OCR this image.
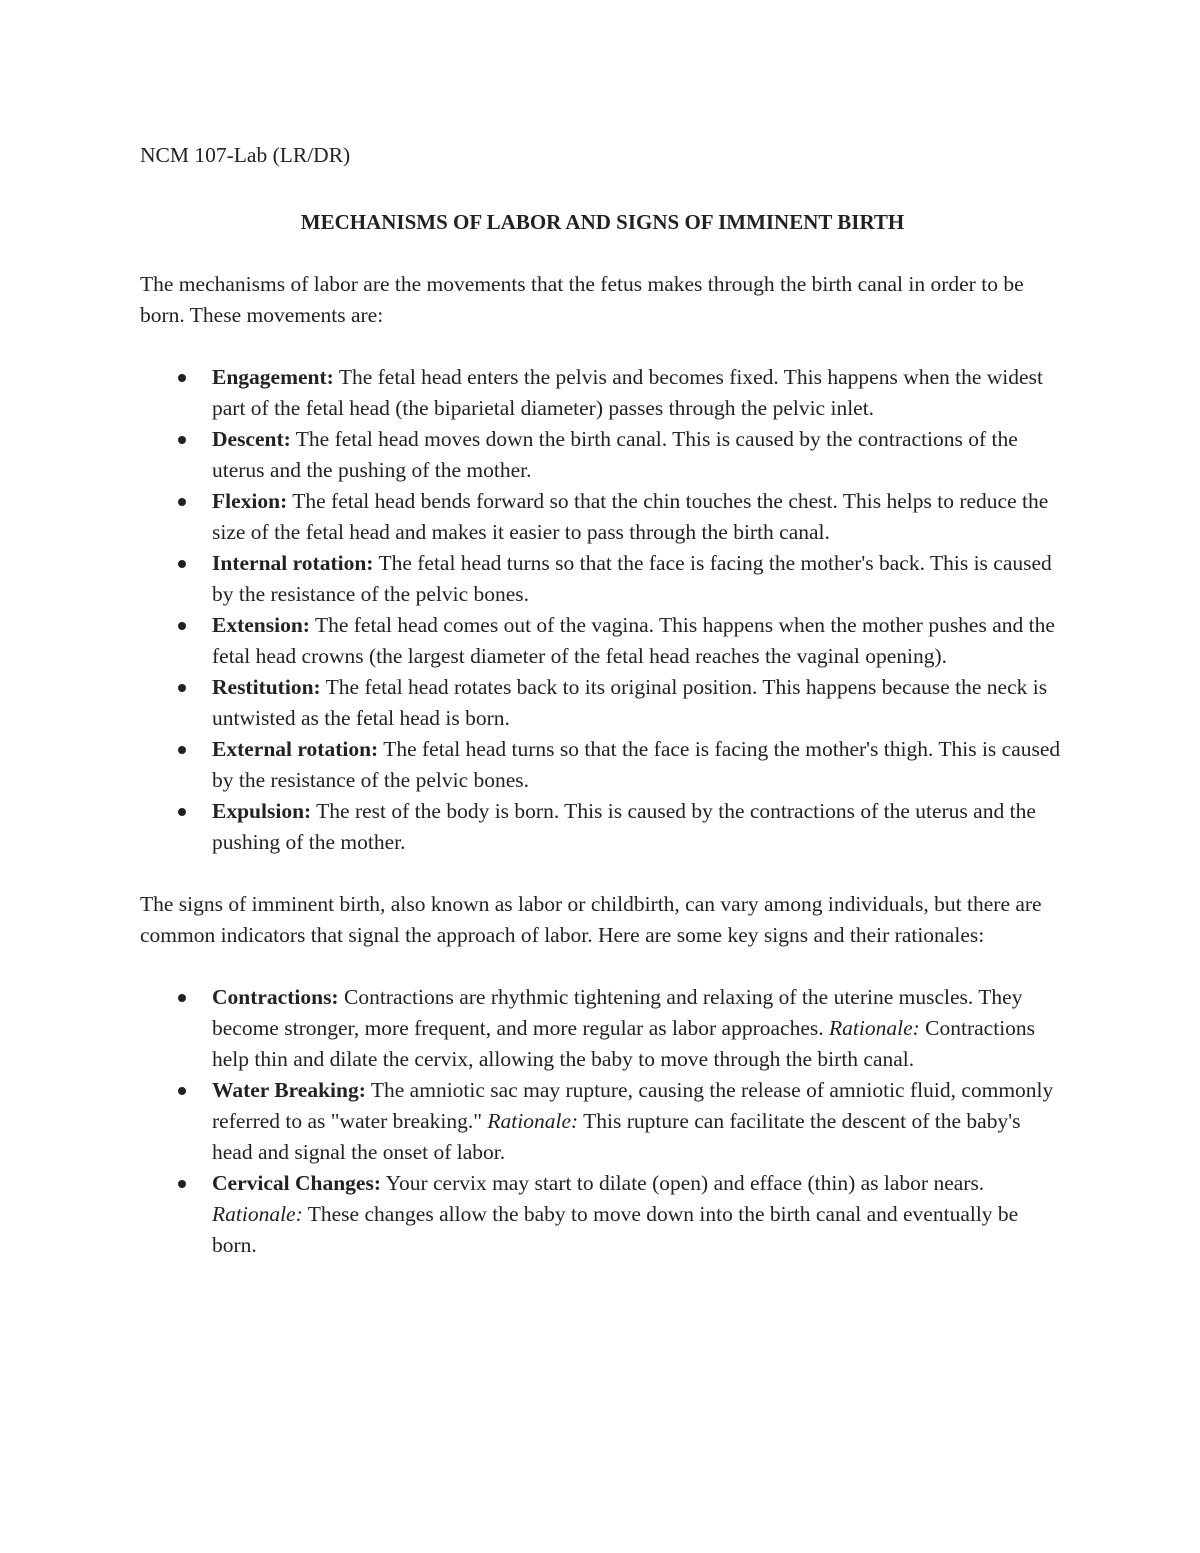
NCM 107-Lab (LR/DR)

MECHANISMS OF LABOR AND SIGNS OF IMMINENT BIRTH

The mechanisms of labor are the movements that the fetus makes through the birth canal in order to be born. These movements are:

Engagement: The fetal head enters the pelvis and becomes fixed. This happens when the widest part of the fetal head (the biparietal diameter) passes through the pelvic inlet.
Descent: The fetal head moves down the birth canal. This is caused by the contractions of the uterus and the pushing of the mother.
Flexion: The fetal head bends forward so that the chin touches the chest. This helps to reduce the size of the fetal head and makes it easier to pass through the birth canal.
Internal rotation: The fetal head turns so that the face is facing the mother's back. This is caused by the resistance of the pelvic bones.
Extension: The fetal head comes out of the vagina. This happens when the mother pushes and the fetal head crowns (the largest diameter of the fetal head reaches the vaginal opening).
Restitution: The fetal head rotates back to its original position. This happens because the neck is untwisted as the fetal head is born.
External rotation: The fetal head turns so that the face is facing the mother's thigh. This is caused by the resistance of the pelvic bones.
Expulsion: The rest of the body is born. This is caused by the contractions of the uterus and the pushing of the mother.

The signs of imminent birth, also known as labor or childbirth, can vary among individuals, but there are common indicators that signal the approach of labor. Here are some key signs and their rationales:

Contractions: Contractions are rhythmic tightening and relaxing of the uterine muscles. They become stronger, more frequent, and more regular as labor approaches. Rationale: Contractions help thin and dilate the cervix, allowing the baby to move through the birth canal.
Water Breaking: The amniotic sac may rupture, causing the release of amniotic fluid, commonly referred to as "water breaking." Rationale: This rupture can facilitate the descent of the baby's head and signal the onset of labor.
Cervical Changes: Your cervix may start to dilate (open) and efface (thin) as labor nears. Rationale: These changes allow the baby to move down into the birth canal and eventually be born.
